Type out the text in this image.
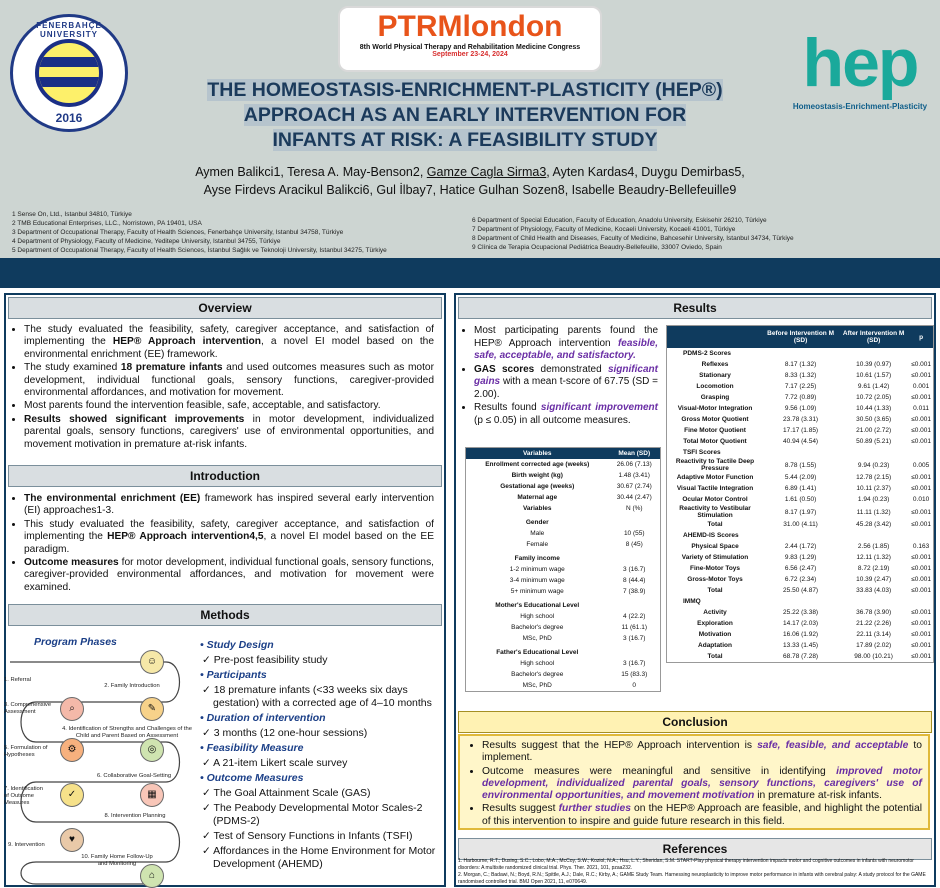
FENERBAHÇE UNIVERSITY
2016
PTRMlondon
8th World Physical Therapy and Rehabilitation Medicine Congress
September 23-24, 2024	hep
Homeostasis-Enrichment-Plasticity
THE HOMEOSTASIS-ENRICHMENT-PLASTICITY (HEP®)
APPROACH AS AN EARLY INTERVENTION FOR
INFANTS AT RISK: A FEASIBILITY STUDY
Aymen Balikci1, Teresa A. May-Benson2, Gamze Cagla Sirma3, Ayten Kardas4, Duygu Demirbas5,
Ayse Firdevs Aracikul Balikci6, Gul İlbay7, Hatice Gulhan Sozen8, Isabelle Beaudry-Bellefeuille9
1 Sense On, Ltd., Istanbul 34810, Türkiye
2 TMB Educational Enterprises, LLC., Norristown, PA 19401, USA
3 Department of Occupational Therapy, Faculty of Health Sciences, Fenerbahçe University, Istanbul 34758, Türkiye
4 Department of Physiology, Faculty of Medicine, Yeditepe University, Istanbul 34755, Türkiye
5 Department of Occupational Therapy, Faculty of Health Sciences, İstanbul Sağlık ve Teknoloji University, Istanbul 34275, Türkiye
6 Department of Special Education, Faculty of Education, Anadolu University, Eskisehir 26210, Türkiye
7 Department of Physiology, Faculty of Medicine, Kocaeli University, Kocaeli 41001, Türkiye
8 Department of Child Health and Diseases, Faculty of Medicine, Bahcesehir University, Istanbul 34734, Türkiye
9 Clínica de Terapia Ocupacional Pediátrica Beaudry-Bellefeuille, 33007 Oviedo, Spain
Overview
• The study evaluated the feasibility, safety, caregiver acceptance, and satisfaction of implementing the HEP® Approach intervention, a novel EI model based on the environmental enrichment (EE) framework.
• The study examined 18 premature infants and used outcomes measures such as motor development, individual functional goals, sensory functions, caregiver-provided environmental affordances, and motivation for movement.
• Most parents found the intervention feasible, safe, acceptable, and satisfactory.
• Results showed significant improvements in motor development, individualized parental goals, sensory functions, caregivers' use of environmental opportunities, and movement motivation in premature at-risk infants.
Introduction
• The environmental enrichment (EE) framework has inspired several early intervention (EI) approaches1-3.
• This study evaluated the feasibility, safety, caregiver acceptance, and satisfaction of implementing the HEP® Approach intervention4,5, a novel EI model based on the EE paradigm.
• Outcome measures for motor development, individual functional goals, sensory functions, caregiver-provided environmental affordances, and motivation for movement were examined.
Methods
Program Phases
☺
✎
⌕
⚙	◎
✓	▦
♥
⌂
1. Referral
2. Family Introduction
3. Comprehensive Assessment
4. Identification of Strengths and Challenges of the Child and Parent Based on Assessment
5. Formulation of Hypotheses
6. Collaborative Goal-Setting
7. Identification of Outcome Measures
8. Intervention Planning
9. Intervention
10. Family Home Follow-Up and Monitoring
• Study Design
✓ Pre-post feasibility study
• Participants
✓ 18 premature infants (<33 weeks six days gestation) with a corrected age of 4–10 months
• Duration of intervention
✓ 3 months (12 one-hour sessions)
• Feasibility Measure
✓ A 21-item Likert scale survey
• Outcome Measures
✓ The Goal Attainment Scale (GAS)
✓ The Peabody Developmental Motor Scales-2 (PDMS-2)
✓ Test of Sensory Functions in Infants (TSFI)
✓ Affordances in the Home Environment for Motor Development (AHEMD)
Results
• Most participating parents found the HEP® Approach intervention feasible, safe, acceptable, and satisfactory.
• GAS scores demonstrated significant gains with a mean t-score of 67.75 (SD = 2.00).
• Results found significant improvement (p ≤ 0.05) in all outcome measures.
Variables	Mean (SD)
Enrollment corrected age (weeks)	26.06 (7.13)
Birth weight (kg)	1.48 (3.41)
Gestational age (weeks)	30.67 (2.74)
Maternal age	30.44 (2.47)
Variables	N (%)
Gender	
Male	10 (55)
Female	8 (45)
Family income	
1-2 minimum wage	3 (16.7)
3-4 minimum wage	8 (44.4)
5+ minimum wage	7 (38.9)
Mother's Educational Level	
High school	4 (22.2)
Bachelor's degree	11 (61.1)
MSc, PhD	3 (16.7)
Father's Educational Level	
High school	3 (16.7)
Bachelor's degree	15 (83.3)
MSc, PhD	0
	Before Intervention M (SD)	After Intervention M (SD)	p
PDMS-2 Scores			
Reflexes	8.17 (1.32)	10.39 (0.97)	≤0.001
Stationary	8.33 (1.32)	10.61 (1.57)	≤0.001
Locomotion	7.17 (2.25)	9.61 (1.42)	0.001
Grasping	7.72 (0.89)	10.72 (2.05)	≤0.001
Visual-Motor Integration	9.56 (1.09)	10.44 (1.33)	0.011
Gross Motor Quotient	23.78 (3.31)	30.50 (3.65)	≤0.001
Fine Motor Quotient	17.17 (1.85)	21.00 (2.72)	≤0.001
Total Motor Quotient	40.94 (4.54)	50.89 (5.21)	≤0.001
TSFI Scores			
Reactivity to Tactile Deep Pressure	8.78 (1.55)	9.94 (0.23)	0.005
Adaptive Motor Function	5.44 (2.09)	12.78 (2.15)	≤0.001
Visual Tactile Integration	6.89 (1.41)	10.11 (2.37)	≤0.001
Ocular Motor Control	1.61 (0.50)	1.94 (0.23)	0.010
Reactivity to Vestibular Stimulation	8.17 (1.97)	11.11 (1.32)	≤0.001
Total	31.00 (4.11)	45.28 (3.42)	≤0.001
AHEMD-IS Scores			
Physical Space	2.44 (1.72)	2.56 (1.85)	0.163
Variety of Stimulation	9.83 (1.29)	12.11 (1.32)	≤0.001
Fine-Motor Toys	6.56 (2.47)	8.72 (2.19)	≤0.001
Gross-Motor Toys	6.72 (2.34)	10.39 (2.47)	≤0.001
Total	25.50 (4.87)	33.83 (4.03)	≤0.001
IMMQ			
Activity	25.22 (3.38)	36.78 (3.90)	≤0.001
Exploration	14.17 (2.03)	21.22 (2.26)	≤0.001
Motivation	16.06 (1.92)	22.11 (3.14)	≤0.001
Adaptation	13.33 (1.45)	17.89 (2.02)	≤0.001
Total	68.78 (7.28)	98.00 (10.21)	≤0.001
Conclusion
• Results suggest that the HEP® Approach intervention is safe, feasible, and acceptable to implement.
• Outcome measures were meaningful and sensitive in identifying improved motor development, individualized parental goals, sensory functions, caregivers' use of environmental opportunities, and movement motivation in premature at-risk infants.
• Results suggest further studies on the HEP® Approach are feasible, and highlight the potential of this intervention to inspire and guide future research in this field.
References
1. Harbourne, R.T.; Dusing, S.C.; Lobo, M.A.; McCoy, S.W.; Koziol, N.A.; Hsu, L.Y.; Sheridan, S.M. START-Play physical therapy intervention impacts motor and cognitive outcomes in infants with neuromotor disorders: A multisite randomized clinical trial. Phys. Ther. 2021, 101, pzaa232.
2. Morgan, C.; Badawi, N.; Boyd, R.N.; Spittle, A.J.; Dale, R.C.; Kirby, A.; GAME Study Team. Harnessing neuroplasticity to improve motor performance in infants with cerebral palsy: A study protocol for the GAME randomised controlled trial. BMJ Open 2021, 11, e070649.
